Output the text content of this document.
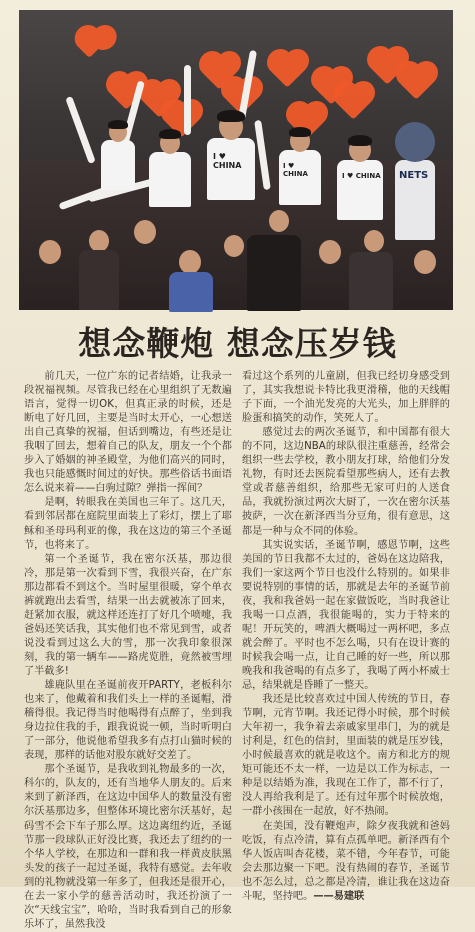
I ♥ CHINA	I ♥ CHINA	I ♥ CHINA NETS
想念鞭炮 想念压岁钱

前几天，一位广东的记者结婚，让我录一段祝福视频。尽管我已经在心里组织了无数遍语言，觉得一切OK，但真正录的时候，还是断电了好几回，主要是当时太开心，一心想送出自己真挚的祝福，但话到嘴边，有些还是让我咽了回去，想着自己的队友，朋友一个个都步入了婚姻的神圣殿堂，为他们高兴的同时，我也只能感慨时间过的好快。那些俗话书面语怎么说来着——白驹过隙？弹指一挥间？

是啊，转眼我在美国也三年了。这几天，看到邻居都在庭院里面装上了彩灯，摆上了耶稣和圣母玛利亚的像，我在这边的第三个圣诞节，也将来了。

第一个圣诞节，我在密尔沃基，那边很冷，那是第一次看到下雪，我很兴奋，在广东那边都看不到这个。当时屋里很暖，穿个单衣裤就跑出去看雪，结果一出去就被冻了回来，赶紧加衣服，就这样还连打了好几个喷嚏，我爸妈还笑话我，其实他们也不常见到雪，或者说没看到过这么大的雪，那一次我印象很深刻，我的第一辆车——路虎览胜，竟然被雪埋了半截多!

雄鹿队里在圣诞前夜开PARTY，老板科尔也来了，他戴着和我们头上一样的圣诞帽，滑稽得很。我记得当时他喝得有点醉了，坐到我身边拉住我的手，跟我说说一顿，当时听明白了一部分，他说他希望我多有点打山猫时候的表现，那样的话他对股东就好交差了。

那个圣诞节，是我收到礼物最多的一次，科尔的，队友的，还有当地华人朋友的。后来来到了新泽西，在这边中国华人的数量没有密尔沃基那边多，但整体环境比密尔沃基好，起码雪不会下车子那么厚。这边离纽约近，圣诞节那一段球队正好没比赛，我还去了纽约的一个华人学校，在那边和一群和我一样黄皮肤黑头发的孩子一起过圣诞，我特有感觉。去年收到的礼物就没第一年多了，但我还是很开心，在去一家小学的慈善活动时，我还扮演了一次“天线宝宝”，哈哈，当时我看到自己的形象乐坏了，虽然我没

看过这个系列的儿童剧，但我已经切身感受到了，其实我想说卡特比我更滑稽，他的天线帽子下面，一个油光发亮的大光头，加上胖胖的脸蛋和搞笑的动作，笑死人了。

感觉过去的两次圣诞节，和中国都有很大的不同，这边NBA的球队很注重慈善，经常会组织一些去学校，教小朋友打球，给他们分发礼物，有时还去医院看望那些病人，还有去教堂或者慈善组织，给那些无家可归的人送食品，我就扮演过两次大厨了，一次在密尔沃基披萨，一次在新泽西当分豆角，很有意思，这都是一种与众不同的体验。

其实说实话，圣诞节啊，感恩节啊，这些美国的节日我都不太过的，爸妈在这边陪我，我们一家这两个节日也没什么特别的。如果非要说特别的事情的话，那就是去年的圣诞节前夜，我和我爸妈一起在家做饭吃，当时我爸让我喝一口点酒，我很能喝的，实力于特来的呢！开玩笑的，啤酒大概喝过一两杯吧，多点就会醉了。平时也不怎么喝，只有在设计赛的时候我会喝一点，让自己睡的好一些，所以那晚我和我爸喝的有点多了，我喝了两小杯威士忌，结果就是昏睡了一整天。

我还是比较喜欢过中国人传统的节日，春节啊，元宵节啊。我还记得小时候，那个时候大年初一，我争着去亲戚家里串门，为的就是讨利是，红色的信封，里面装的就是压岁钱，小时候最喜欢的就是收这个。南方和北方的规矩可能还不太一样，一边是以工作为标志，一种是以结婚为准，我现在工作了，都不行了，没人再给我利是了。还有过年那个时候放炮，一群小孩围在一起放，好不热闹。

在美国，没有鞭炮声，除夕夜我就和爸妈吃饭，有点冷清，算有点孤单吧。新泽西有个华人饭店叫杏花楼，菜不错，今年春节，可能会去那边聚一下吧。没有热闹的春节，圣诞节也不怎么过，总之都是冷清，谁让我在这边奋斗呢，坚持吧。——易建联
